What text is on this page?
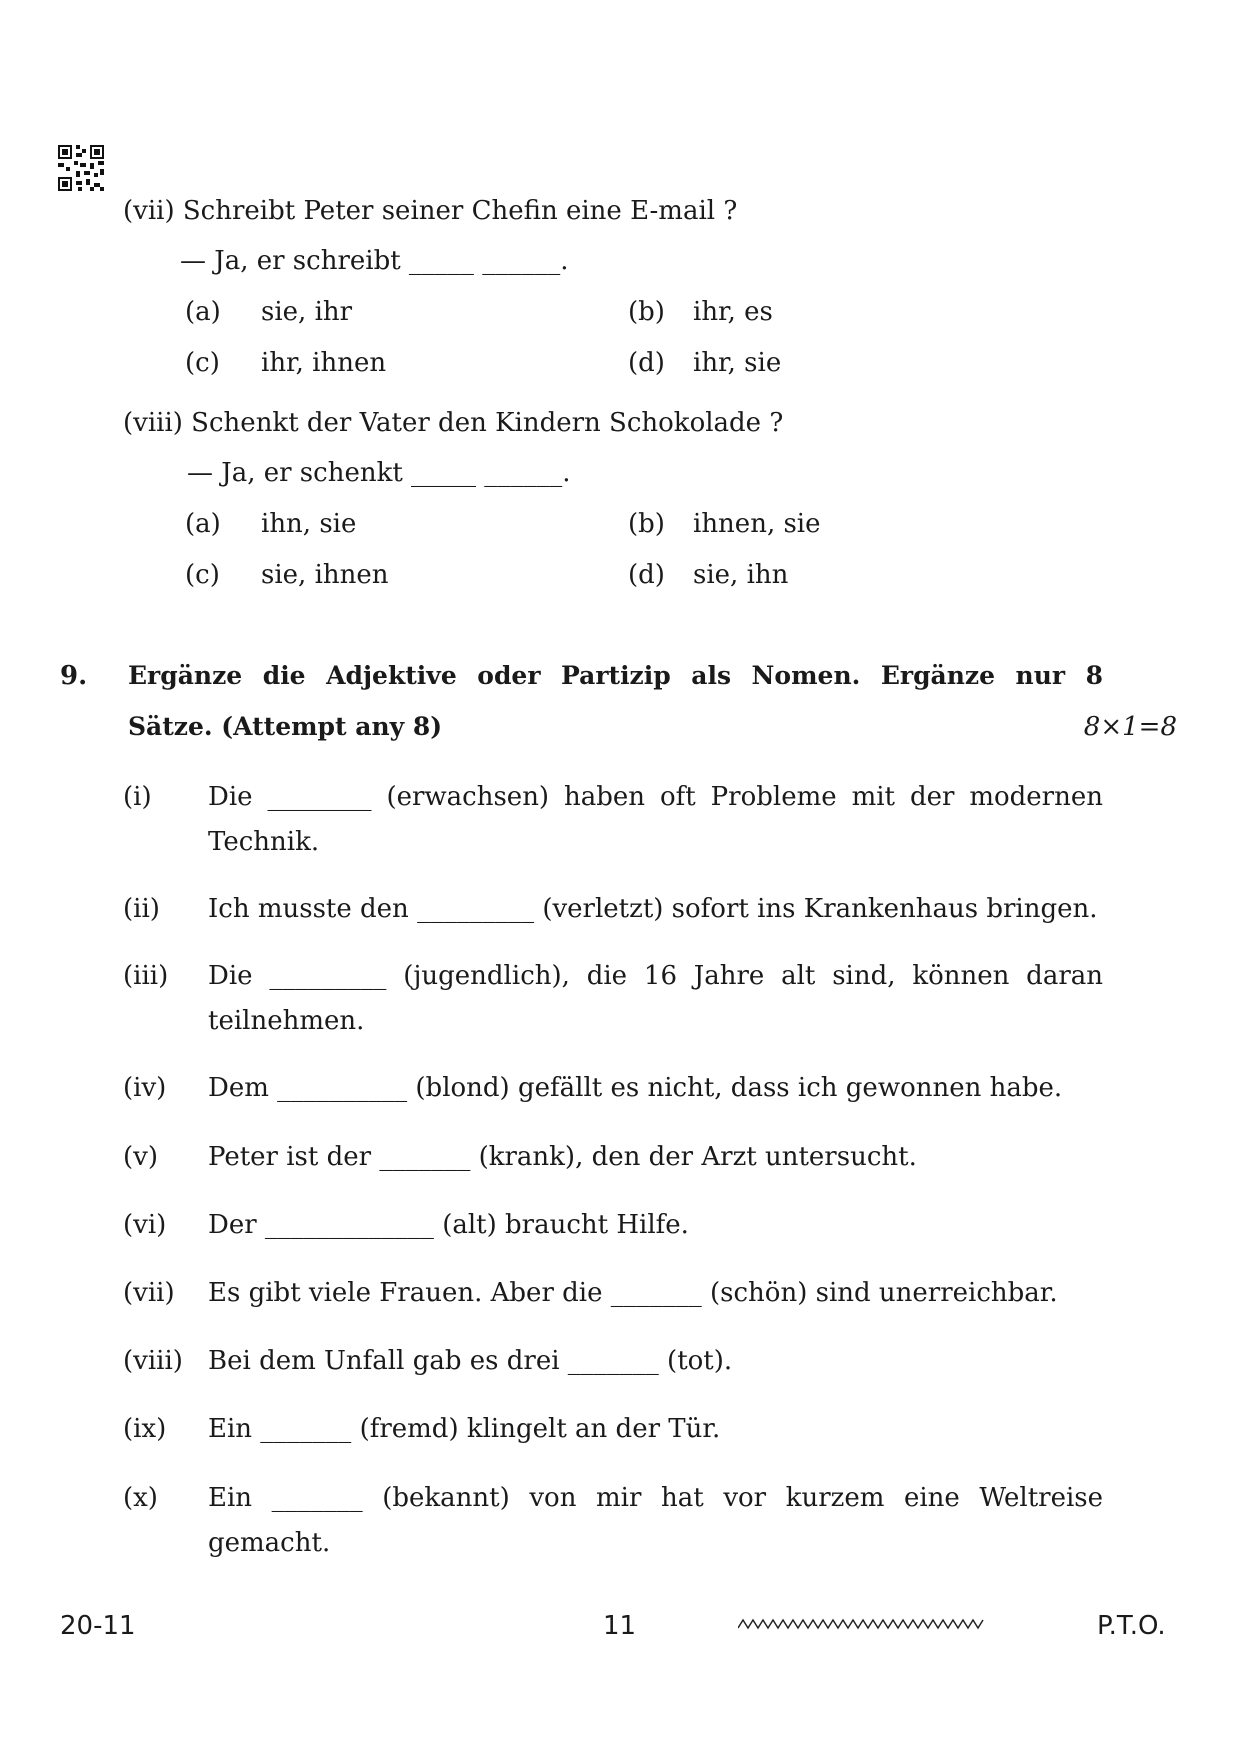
(vii) Schreibt Peter seiner Chefin eine E-mail ?
— Ja, er schreibt _____ ______.
(a) sie, ihr	(b) ihr, es
(c) ihr, ihnen	(d) ihr, sie
(viii) Schenkt der Vater den Kindern Schokolade ?
— Ja, er schenkt _____ ______.
(a) ihn, sie	(b) ihnen, sie
(c) sie, ihnen	(d) sie, ihn
9. Ergänze die Adjektive oder Partizip als Nomen. Ergänze nur 8
Sätze. (Attempt any 8)	8×1=8
(i) Die ________ (erwachsen) haben oft Probleme mit der modernen
Technik.
(ii) Ich musste den _________ (verletzt) sofort ins Krankenhaus bringen.
(iii) Die _________ (jugendlich), die 16 Jahre alt sind, können daran
teilnehmen.
(iv) Dem __________ (blond) gefällt es nicht, dass ich gewonnen habe.
(v) Peter ist der _______ (krank), den der Arzt untersucht.
(vi) Der _____________ (alt) braucht Hilfe.
(vii) Es gibt viele Frauen. Aber die _______ (schön) sind unerreichbar.
(viii) Bei dem Unfall gab es drei _______ (tot).
(ix) Ein _______ (fremd) klingelt an der Tür.
(x) Ein _______ (bekannt) von mir hat vor kurzem eine Weltreise
gemacht.
20-11	11	P.T.O.
